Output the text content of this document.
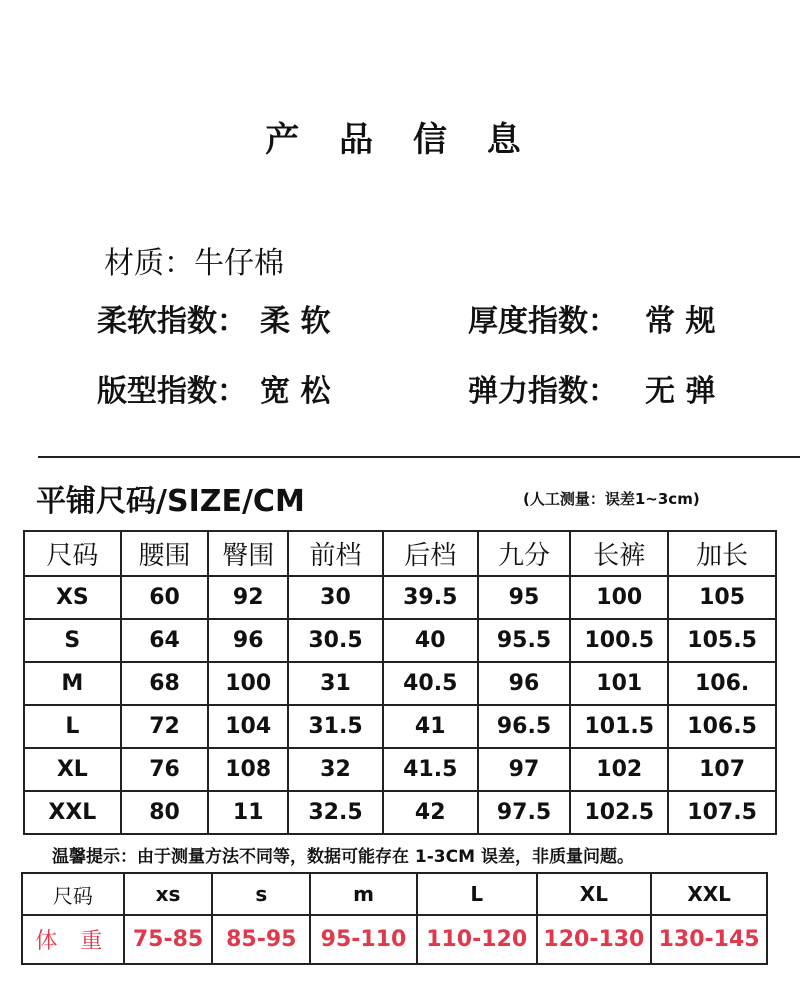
产 品 信 息
材质：牛仔棉
柔软指数： 柔 软	厚度指数： 常 规
版型指数： 宽 松	弹力指数： 无 弹
平铺尺码/SIZE/CM	(人工测量：误差1~3cm)
尺码	腰围	臀围	前档	后档	九分	长裤	加长
XS	60	92	30	39.5	95	100	105
S	64	96	30.5	40	95.5	100.5	105.5
M	68	100	31	40.5	96	101	106.
L	72	104	31.5	41	96.5	101.5	106.5
XL	76	108	32	41.5	97	102	107
XXL	80	11	32.5	42	97.5	102.5	107.5
温馨提示：由于测量方法不同等，数据可能存在 1-3CM 误差，非质量问题。
尺码	xs	s	m	L	XL	XXL
体 重	75-85	85-95	95-110	110-120	120-130	130-145
